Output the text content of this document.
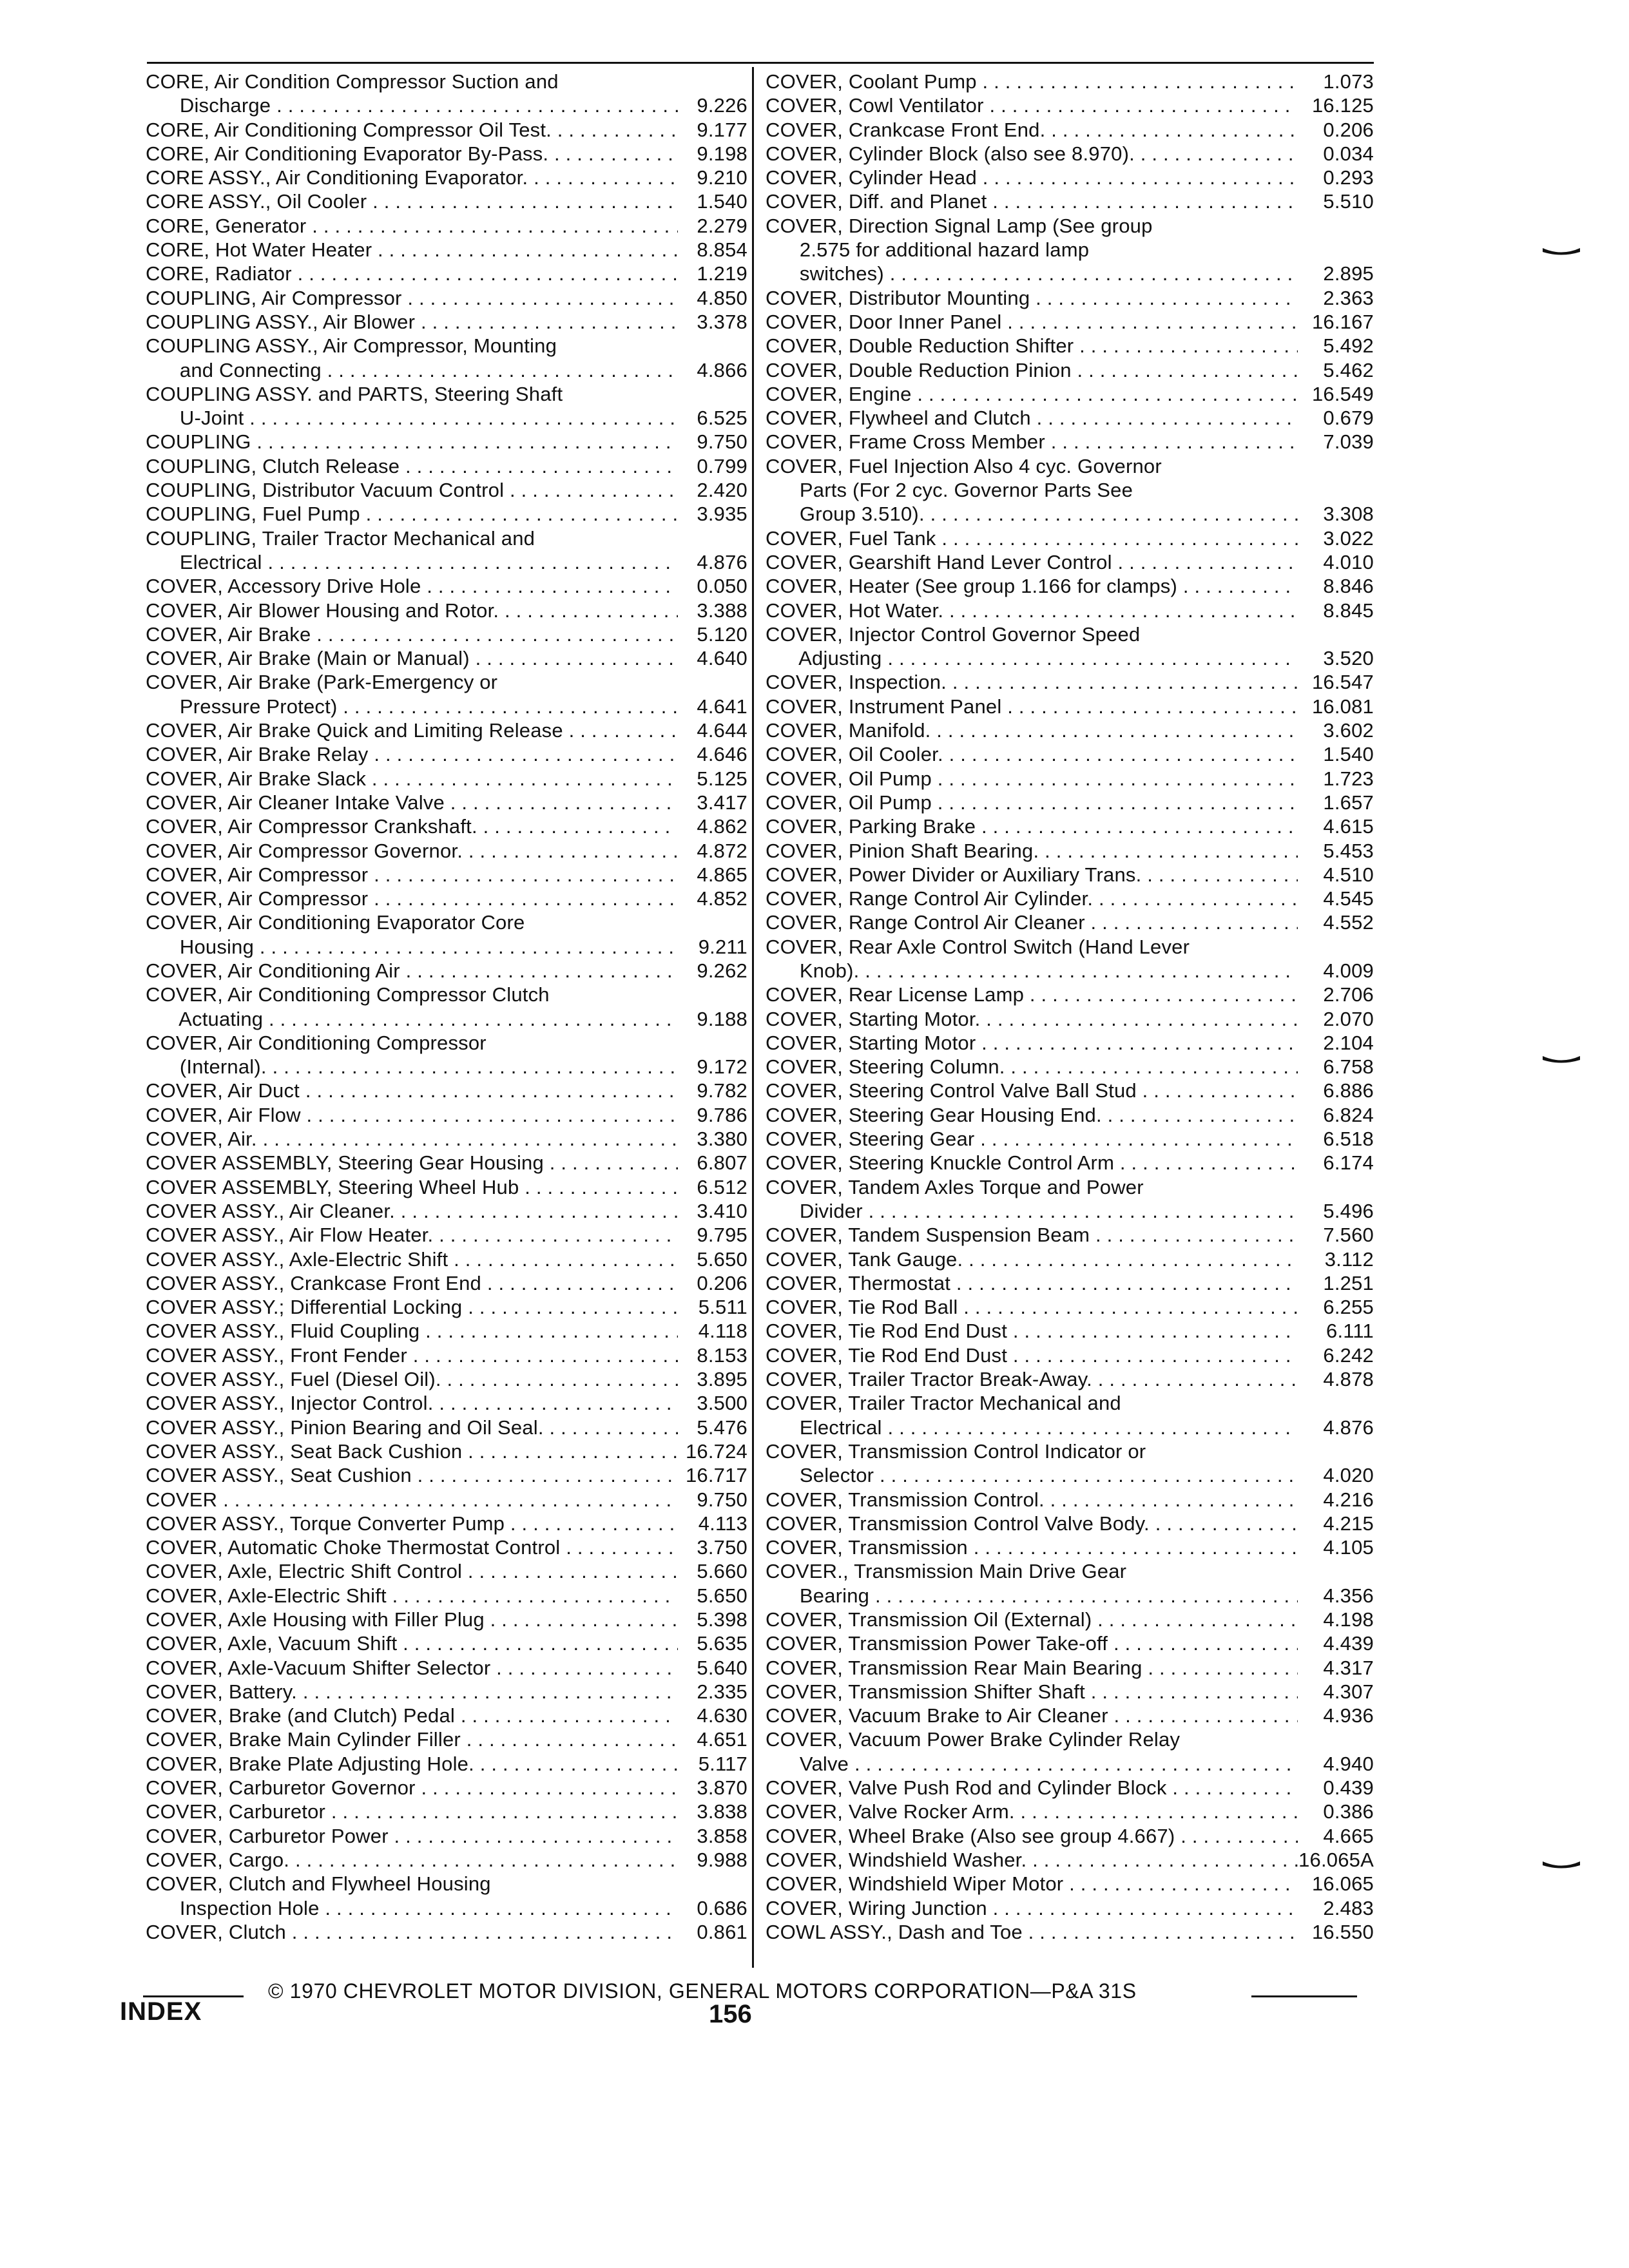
CORE, Air Condition Compressor Suction and
Discharge . . .	9.226
CORE, Air Conditioning Compressor Oil Test. . . .	9.177
CORE, Air Conditioning Evaporator By-Pass. . . .	9.198
CORE ASSY., Air Conditioning Evaporator. . . .	9.210
CORE ASSY., Oil Cooler . . .	1.540
CORE, Generator . . .	2.279
CORE, Hot Water Heater . . .	8.854
CORE, Radiator . . .	1.219
COUPLING, Air Compressor . . .	4.850
COUPLING ASSY., Air Blower . . .	3.378
COUPLING ASSY., Air Compressor, Mounting
and Connecting . . .	4.866
COUPLING ASSY. and PARTS, Steering Shaft
U-Joint . . .	6.525
COUPLING . . .	9.750
COUPLING, Clutch Release . . .	0.799
COUPLING, Distributor Vacuum Control . . .	2.420
COUPLING, Fuel Pump . . .	3.935
COUPLING, Trailer Tractor Mechanical and
Electrical . . .	4.876
COVER, Accessory Drive Hole . . .	0.050
COVER, Air Blower Housing and Rotor. . . .	3.388
COVER, Air Brake . . .	5.120
COVER, Air Brake (Main or Manual) . . .	4.640
COVER, Air Brake (Park-Emergency or
Pressure Protect) . . .	4.641
COVER, Air Brake Quick and Limiting Release . . .	4.644
COVER, Air Brake Relay . . .	4.646
COVER, Air Brake Slack . . .	5.125
COVER, Air Cleaner Intake Valve . . .	3.417
COVER, Air Compressor Crankshaft. . . .	4.862
COVER, Air Compressor Governor. . . .	4.872
COVER, Air Compressor . . .	4.865
COVER, Air Compressor . . .	4.852
COVER, Air Conditioning Evaporator Core
Housing . . .	9.211
COVER, Air Conditioning Air . . .	9.262
COVER, Air Conditioning Compressor Clutch
Actuating . . .	9.188
COVER, Air Conditioning Compressor
(Internal). . . .	9.172
COVER, Air Duct . . .	9.782
COVER, Air Flow . . .	9.786
COVER, Air. . . .	3.380
COVER ASSEMBLY, Steering Gear Housing . . .	6.807
COVER ASSEMBLY, Steering Wheel Hub . . .	6.512
COVER ASSY., Air Cleaner. . . .	3.410
COVER ASSY., Air Flow Heater. . . .	9.795
COVER ASSY., Axle-Electric Shift . . .	5.650
COVER ASSY., Crankcase Front End . . .	0.206
COVER ASSY.; Differential Locking . . .	5.511
COVER ASSY., Fluid Coupling . . .	4.118
COVER ASSY., Front Fender . . .	8.153
COVER ASSY., Fuel (Diesel Oil). . . .	3.895
COVER ASSY., Injector Control. . . .	3.500
COVER ASSY., Pinion Bearing and Oil Seal. . . .	5.476
COVER ASSY., Seat Back Cushion . . .	16.724
COVER ASSY., Seat Cushion . . .	16.717
COVER . . .	9.750
COVER ASSY., Torque Converter Pump . . .	4.113
COVER, Automatic Choke Thermostat Control . . .	3.750
COVER, Axle, Electric Shift Control . . .	5.660
COVER, Axle-Electric Shift . . .	5.650
COVER, Axle Housing with Filler Plug . . .	5.398
COVER, Axle, Vacuum Shift . . .	5.635
COVER, Axle-Vacuum Shifter Selector . . .	5.640
COVER, Battery. . . .	2.335
COVER, Brake (and Clutch) Pedal . . .	4.630
COVER, Brake Main Cylinder Filler . . .	4.651
COVER, Brake Plate Adjusting Hole. . . .	5.117
COVER, Carburetor Governor . . .	3.870
COVER, Carburetor . . .	3.838
COVER, Carburetor Power . . .	3.858
COVER, Cargo. . . .	9.988
COVER, Clutch and Flywheel Housing
Inspection Hole . . .	0.686
COVER, Clutch . . .	0.861
COVER, Coolant Pump . . .	1.073
COVER, Cowl Ventilator . . .	16.125
COVER, Crankcase Front End. . . .	0.206
COVER, Cylinder Block (also see 8.970). . . .	0.034
COVER, Cylinder Head . . .	0.293
COVER, Diff. and Planet . . .	5.510
COVER, Direction Signal Lamp (See group
2.575 for additional hazard lamp
switches) . . .	2.895
COVER, Distributor Mounting . . .	2.363
COVER, Door Inner Panel . . .	16.167
COVER, Double Reduction Shifter . . .	5.492
COVER, Double Reduction Pinion . . .	5.462
COVER, Engine . . .	16.549
COVER, Flywheel and Clutch . . .	0.679
COVER, Frame Cross Member . . .	7.039
COVER, Fuel Injection Also 4 cyc. Governor
Parts (For 2 cyc. Governor Parts See
Group 3.510). . . .	3.308
COVER, Fuel Tank . . .	3.022
COVER, Gearshift Hand Lever Control . . .	4.010
COVER, Heater (See group 1.166 for clamps) . . .	8.846
COVER, Hot Water. . . .	8.845
COVER, Injector Control Governor Speed
Adjusting . . .	3.520
COVER, Inspection. . . .	16.547
COVER, Instrument Panel . . .	16.081
COVER, Manifold. . . .	3.602
COVER, Oil Cooler. . . .	1.540
COVER, Oil Pump . . .	1.723
COVER, Oil Pump . . .	1.657
COVER, Parking Brake . . .	4.615
COVER, Pinion Shaft Bearing. . . .	5.453
COVER, Power Divider or Auxiliary Trans. . . .	4.510
COVER, Range Control Air Cylinder. . . .	4.545
COVER, Range Control Air Cleaner . . .	4.552
COVER, Rear Axle Control Switch (Hand Lever
Knob). . . .	4.009
COVER, Rear License Lamp . . .	2.706
COVER, Starting Motor. . . .	2.070
COVER, Starting Motor . . .	2.104
COVER, Steering Column. . . .	6.758
COVER, Steering Control Valve Ball Stud . . .	6.886
COVER, Steering Gear Housing End. . . .	6.824
COVER, Steering Gear . . .	6.518
COVER, Steering Knuckle Control Arm . . .	6.174
COVER, Tandem Axles Torque and Power
Divider . . .	5.496
COVER, Tandem Suspension Beam . . .	7.560
COVER, Tank Gauge. . . .	3.112
COVER, Thermostat . . .	1.251
COVER, Tie Rod Ball . . .	6.255
COVER, Tie Rod End Dust . . .	6.111
COVER, Tie Rod End Dust . . .	6.242
COVER, Trailer Tractor Break-Away. . . .	4.878
COVER, Trailer Tractor Mechanical and
Electrical . . .	4.876
COVER, Transmission Control Indicator or
Selector . . .	4.020
COVER, Transmission Control. . . .	4.216
COVER, Transmission Control Valve Body. . . .	4.215
COVER, Transmission . . .	4.105
COVER., Transmission Main Drive Gear
Bearing . . .	4.356
COVER, Transmission Oil (External) . . .	4.198
COVER, Transmission Power Take-off . . .	4.439
COVER, Transmission Rear Main Bearing . . .	4.317
COVER, Transmission Shifter Shaft . . .	4.307
COVER, Vacuum Brake to Air Cleaner . . .	4.936
COVER, Vacuum Power Brake Cylinder Relay
Valve . . .	4.940
COVER, Valve Push Rod and Cylinder Block . . .	0.439
COVER, Valve Rocker Arm. . . .	0.386
COVER, Wheel Brake (Also see group 4.667) . . .	4.665
COVER, Windshield Washer. . . .	16.065A
COVER, Windshield Wiper Motor . . .	16.065
COVER, Wiring Junction . . .	2.483
COWL ASSY., Dash and Toe . . .	16.550
INDEX
© 1970 CHEVROLET MOTOR DIVISION, GENERAL MOTORS CORPORATION—P&A 31S
156
